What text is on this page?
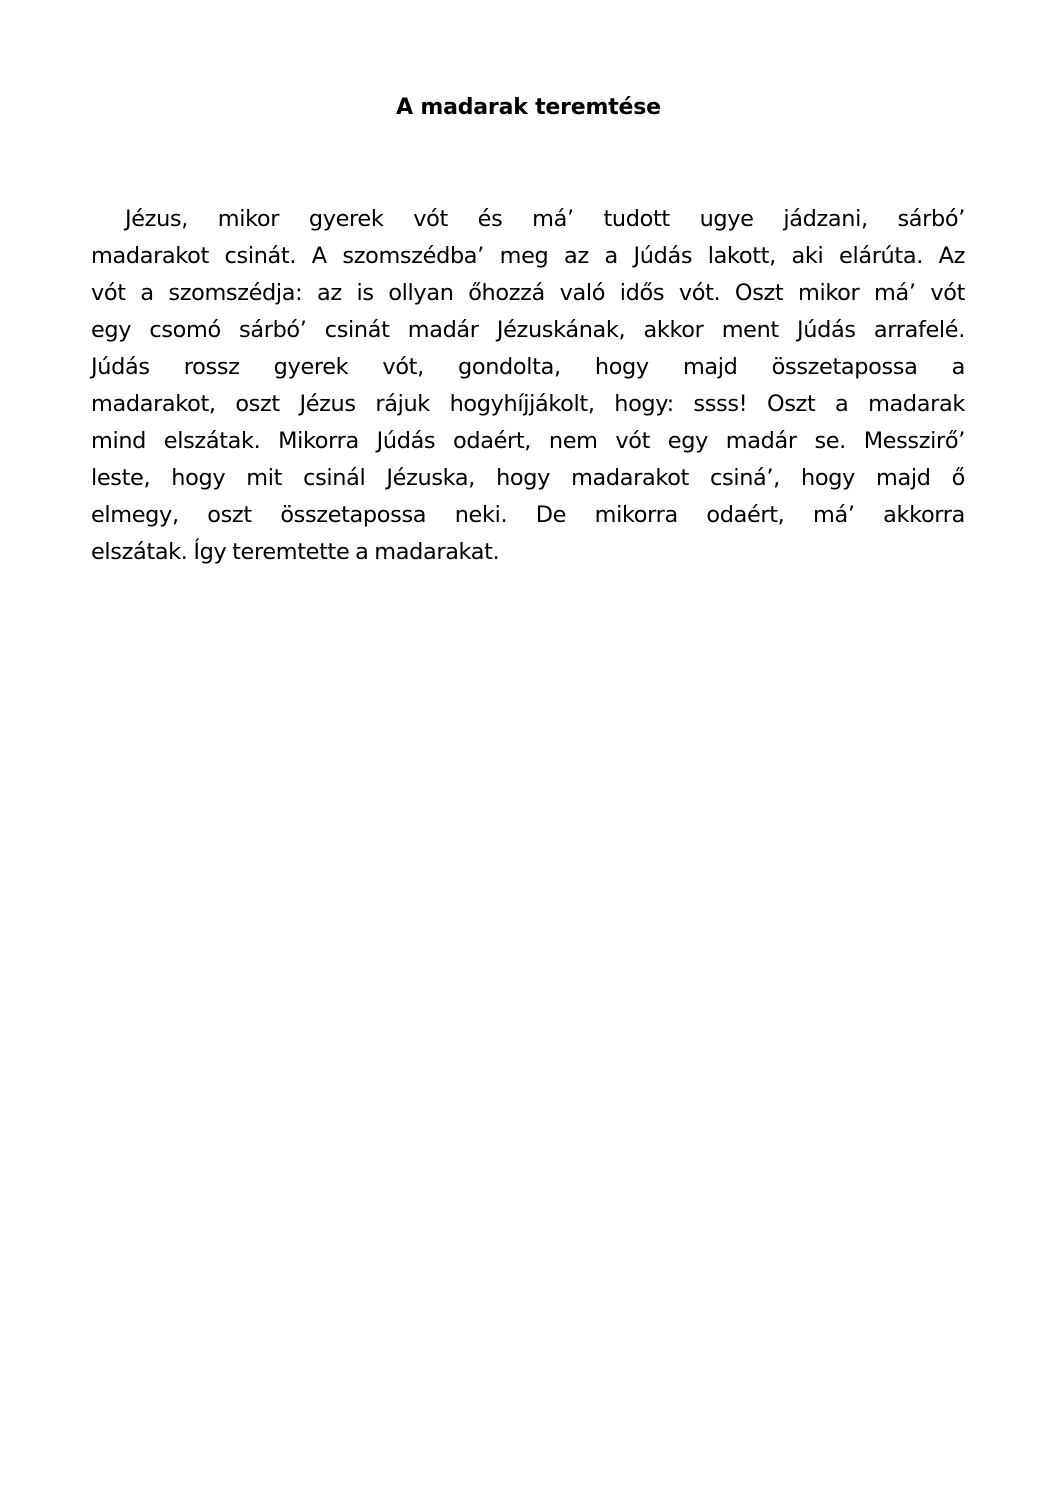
A madarak teremtése
Jézus, mikor gyerek vót és má’ tudott ugye jádzani, sárbó’
madarakot csinát. A szomszédba’ meg az a Júdás lakott, aki elárúta. Az
vót a szomszédja: az is ollyan őhozzá való idős vót. Oszt mikor má’ vót
egy csomó sárbó’ csinát madár Jézuskának, akkor ment Júdás arrafelé.
Júdás rossz gyerek vót, gondolta, hogy majd összetapossa a
madarakot, oszt Jézus rájuk hogyhíjjákolt, hogy: ssss! Oszt a madarak
mind elszátak. Mikorra Júdás odaért, nem vót egy madár se. Messzirő’
leste, hogy mit csinál Jézuska, hogy madarakot csiná’, hogy majd ő
elmegy, oszt összetapossa neki. De mikorra odaért, má’ akkorra
elszátak. Így teremtette a madarakat.
